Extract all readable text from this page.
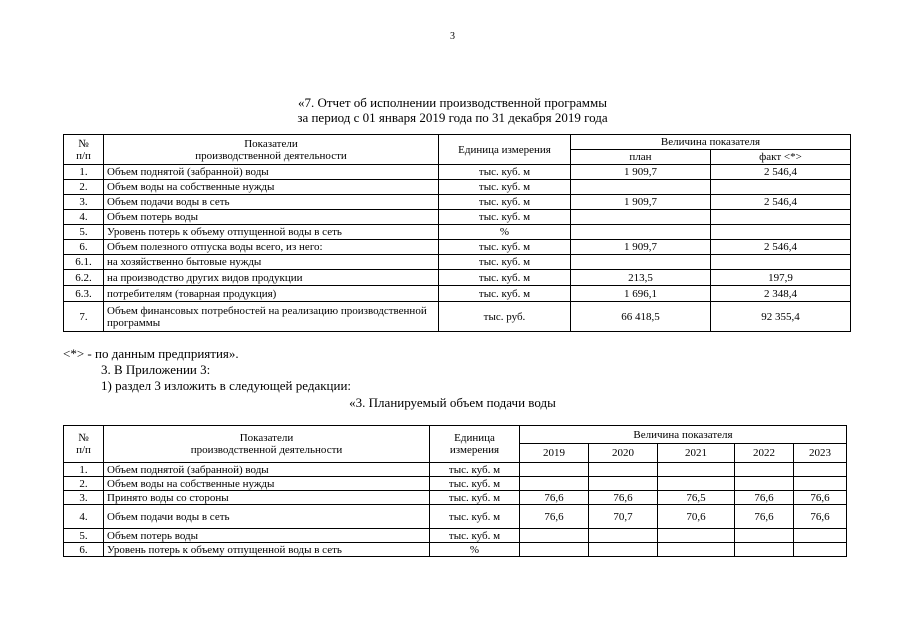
3
«7. Отчет об исполнении производственной программы
за период с 01 января 2019 года по 31 декабря 2019 года
№
п/п	Показатели
производственной деятельности	Единица измерения	Величина показателя	
			план	факт <*>
1.	Объем поднятой (забранной) воды	тыс. куб. м	1 909,7	2 546,4
2.	Объем воды на собственные нужды	тыс. куб. м		
3.	Объем подачи воды в сеть	тыс. куб. м	1 909,7	2 546,4
4.	Объем потерь воды	тыс. куб. м		
5.	Уровень потерь к объему отпущенной воды в сеть	%		
6.	Объем полезного отпуска воды всего, из него:	тыс. куб. м	1 909,7	2 546,4
6.1.	на хозяйственно бытовые нужды	тыс. куб. м		
6.2.	на производство других видов продукции	тыс. куб. м	213,5	197,9
6.3.	потребителям (товарная продукция)	тыс. куб. м	1 696,1	2 348,4
7.	Объем финансовых потребностей на реализацию производственной программы	тыс. руб.	66 418,5	92 355,4
<*> - по данным предприятия».
3. В Приложении 3:
1) раздел 3 изложить в следующей редакции:
«3. Планируемый объем подачи воды
№
п/п	Показатели
производственной деятельности	Единица
измерения	Величина показателя				
			2019	2020	2021	2022	2023
1.	Объем поднятой (забранной) воды	тыс. куб. м					
2.	Объем воды на собственные нужды	тыс. куб. м					
3.	Принято воды со стороны	тыс. куб. м	76,6	76,6	76,5	76,6	76,6
4.	Объем подачи воды в сеть	тыс. куб. м	76,6	70,7	70,6	76,6	76,6
5.	Объем потерь воды	тыс. куб. м					
6.	Уровень потерь к объему отпущенной воды в сеть	%					
